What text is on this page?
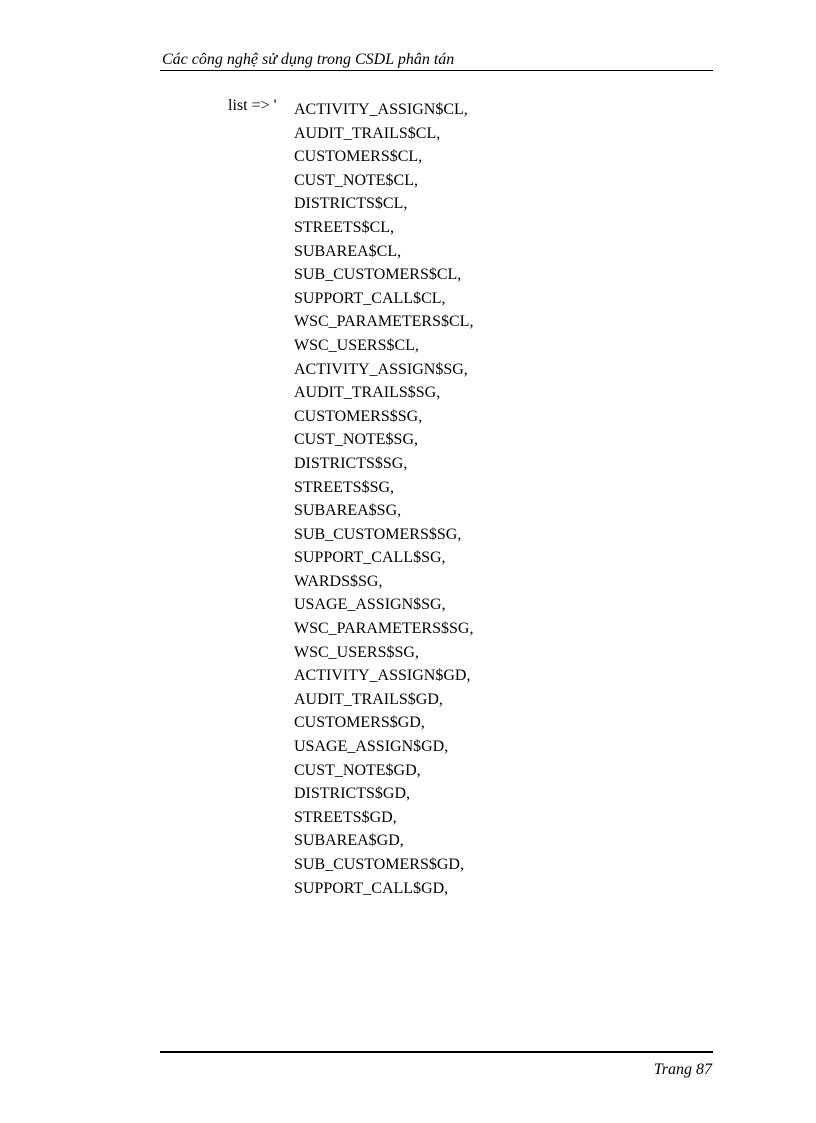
Các công nghệ sử dụng trong CSDL phân tán
list => ' ACTIVITY_ASSIGN$CL,
AUDIT_TRAILS$CL,
CUSTOMERS$CL,
CUST_NOTE$CL,
DISTRICTS$CL,
STREETS$CL,
SUBAREA$CL,
SUB_CUSTOMERS$CL,
SUPPORT_CALL$CL,
WSC_PARAMETERS$CL,
WSC_USERS$CL,
ACTIVITY_ASSIGN$SG,
AUDIT_TRAILS$SG,
CUSTOMERS$SG,
CUST_NOTE$SG,
DISTRICTS$SG,
STREETS$SG,
SUBAREA$SG,
SUB_CUSTOMERS$SG,
SUPPORT_CALL$SG,
WARDS$SG,
USAGE_ASSIGN$SG,
WSC_PARAMETERS$SG,
WSC_USERS$SG,
ACTIVITY_ASSIGN$GD,
AUDIT_TRAILS$GD,
CUSTOMERS$GD,
USAGE_ASSIGN$GD,
CUST_NOTE$GD,
DISTRICTS$GD,
STREETS$GD,
SUBAREA$GD,
SUB_CUSTOMERS$GD,
SUPPORT_CALL$GD,
Trang 87
